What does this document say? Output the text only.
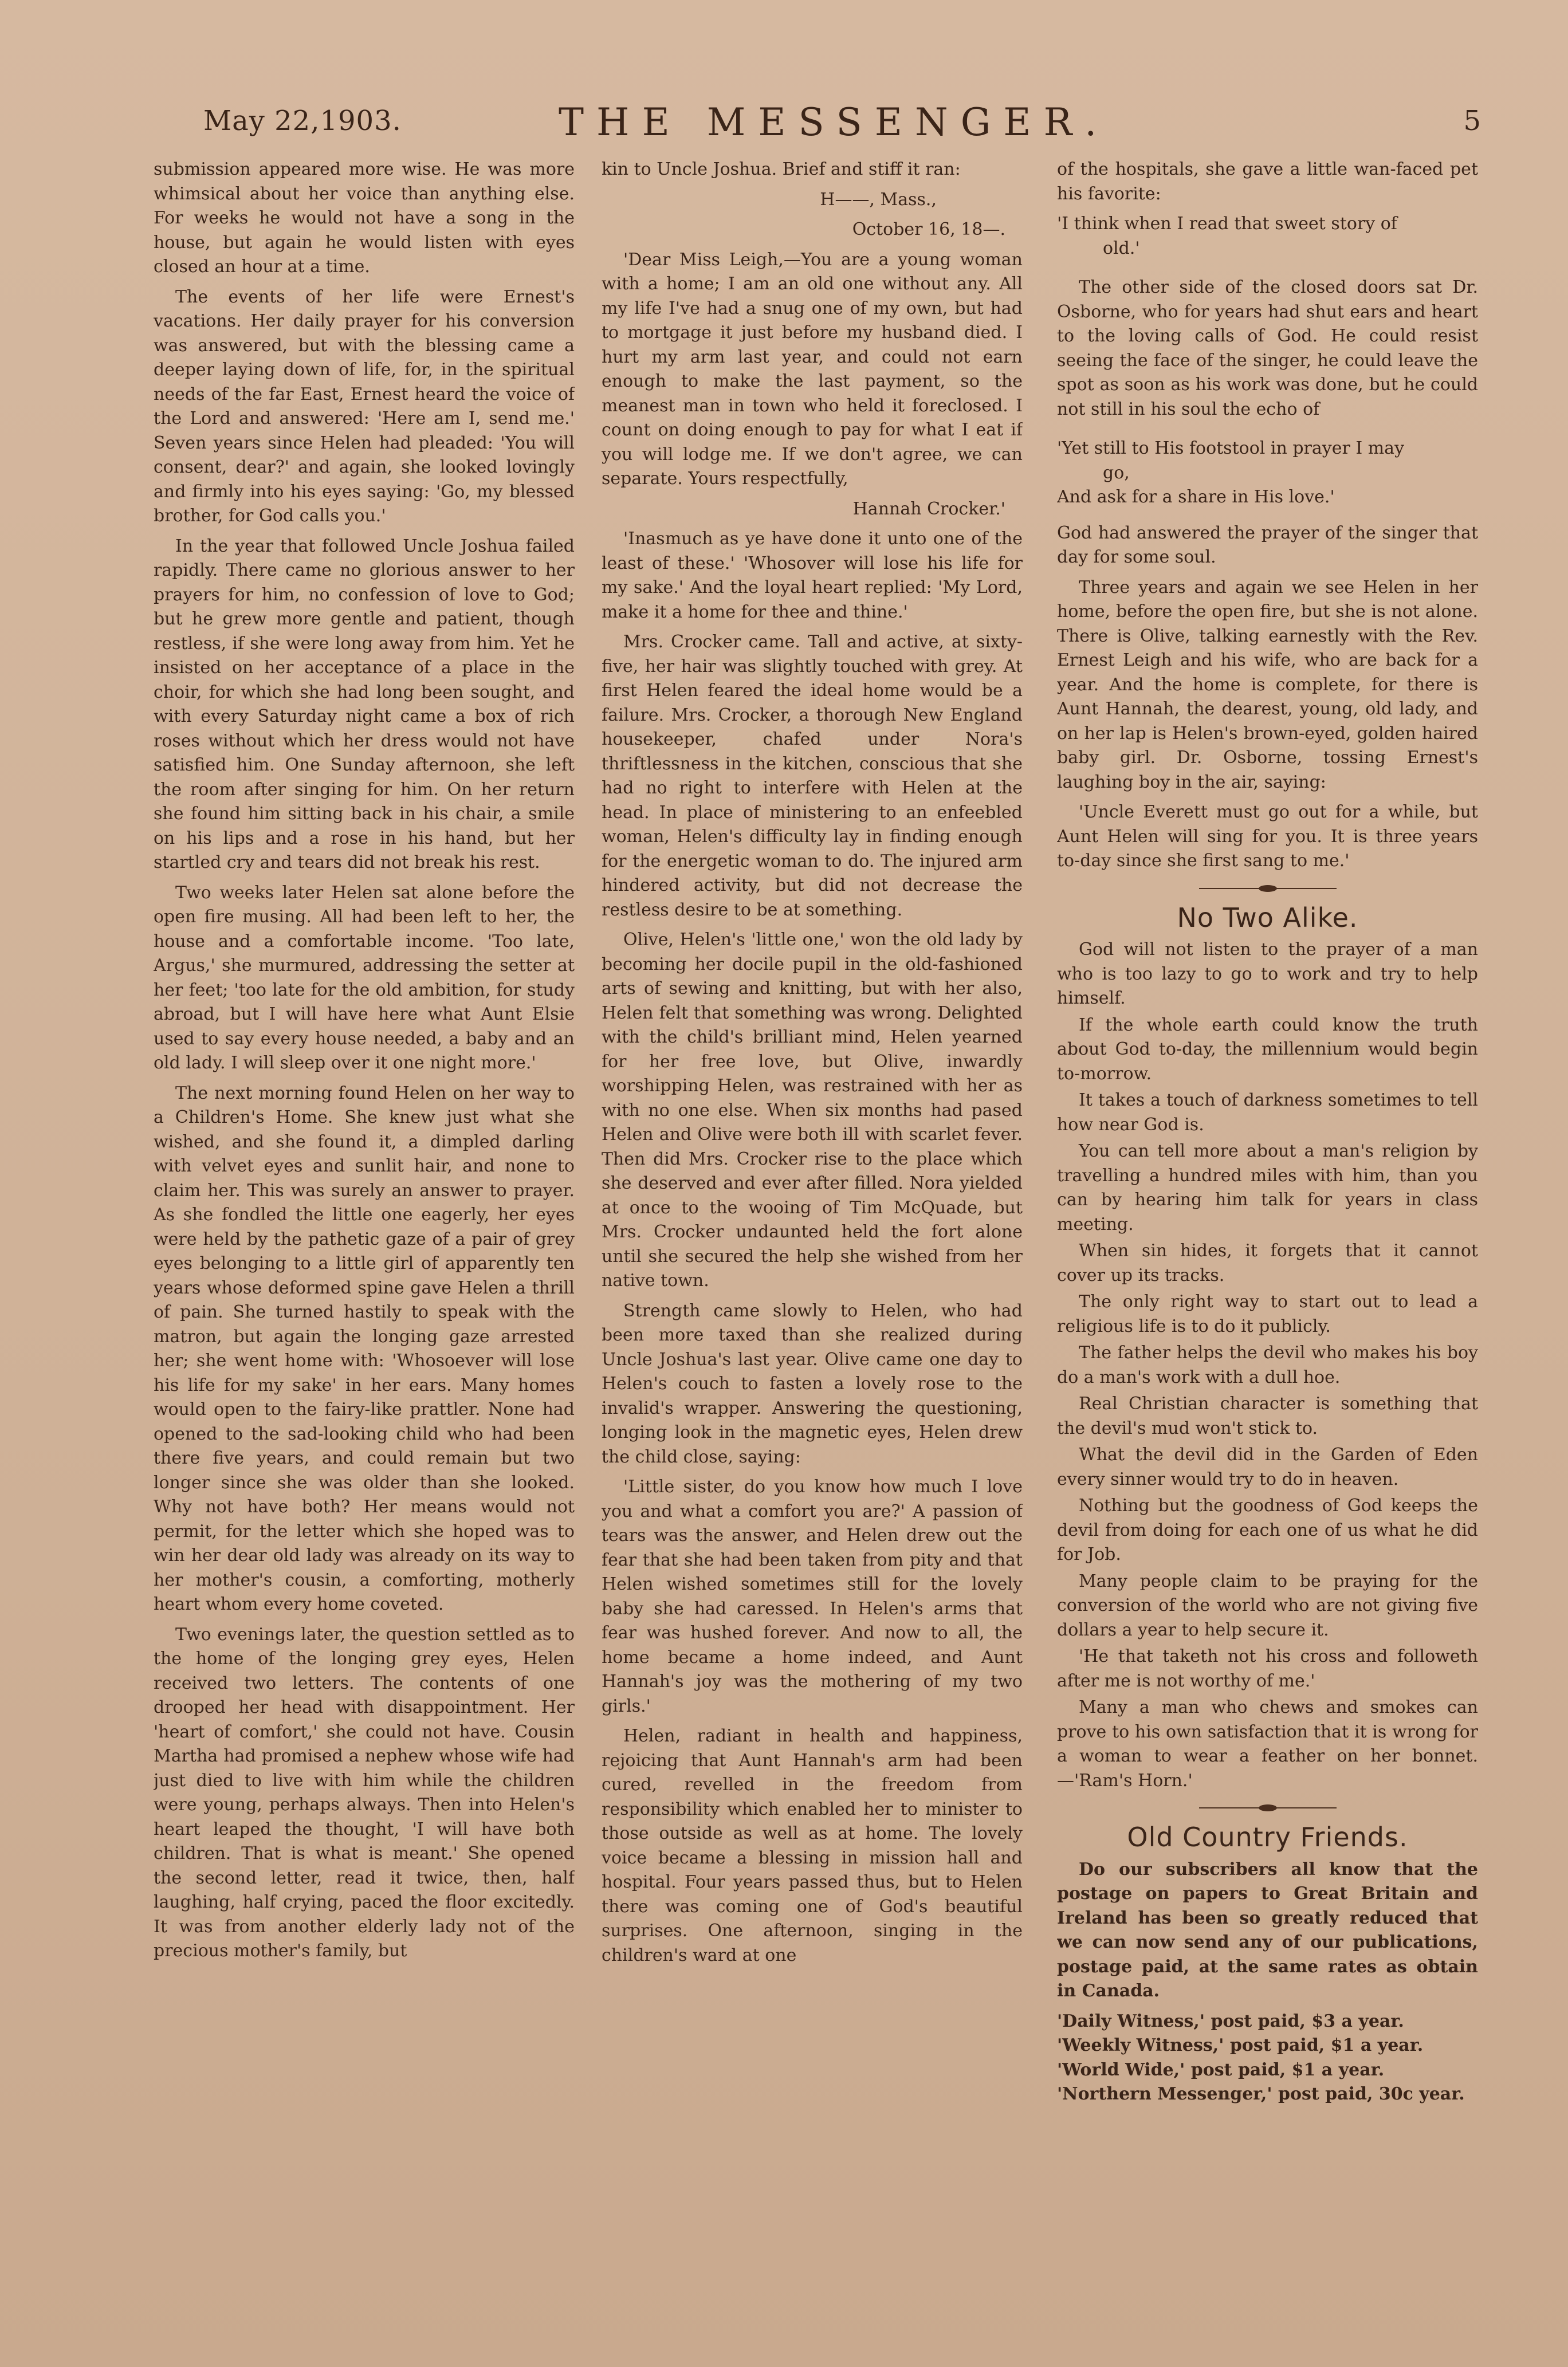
May 22,1903.	THE MESSENGER.	5

submission appeared more wise. He was more whimsical about her voice than anything else. For weeks he would not have a song in the house, but again he would listen with eyes closed an hour at a time.

The events of her life were Ernest's vacations. Her daily prayer for his conversion was answered, but with the blessing came a deeper laying down of life, for, in the spiritual needs of the far East, Ernest heard the voice of the Lord and answered: 'Here am I, send me.' Seven years since Helen had pleaded: 'You will consent, dear?' and again, she looked lovingly and firmly into his eyes saying: 'Go, my blessed brother, for God calls you.'

In the year that followed Uncle Joshua failed rapidly. There came no glorious answer to her prayers for him, no confession of love to God; but he grew more gentle and patient, though restless, if she were long away from him. Yet he insisted on her acceptance of a place in the choir, for which she had long been sought, and with every Saturday night came a box of rich roses without which her dress would not have satisfied him. One Sunday afternoon, she left the room after singing for him. On her return she found him sitting back in his chair, a smile on his lips and a rose in his hand, but her startled cry and tears did not break his rest.

Two weeks later Helen sat alone before the open fire musing. All had been left to her, the house and a comfortable income. 'Too late, Argus,' she murmured, addressing the setter at her feet; 'too late for the old ambition, for study abroad, but I will have here what Aunt Elsie used to say every house needed, a baby and an old lady. I will sleep over it one night more.'

The next morning found Helen on her way to a Children's Home. She knew just what she wished, and she found it, a dimpled darling with velvet eyes and sunlit hair, and none to claim her. This was surely an answer to prayer. As she fondled the little one eagerly, her eyes were held by the pathetic gaze of a pair of grey eyes belonging to a little girl of apparently ten years whose deformed spine gave Helen a thrill of pain. She turned hastily to speak with the matron, but again the longing gaze arrested her; she went home with: 'Whosoever will lose his life for my sake' in her ears. Many homes would open to the fairy-like prattler. None had opened to the sad-looking child who had been there five years, and could remain but two longer since she was older than she looked. Why not have both? Her means would not permit, for the letter which she hoped was to win her dear old lady was already on its way to her mother's cousin, a comforting, motherly heart whom every home coveted.

Two evenings later, the question settled as to the home of the longing grey eyes, Helen received two letters. The contents of one drooped her head with disappointment. Her 'heart of comfort,' she could not have. Cousin Martha had promised a nephew whose wife had just died to live with him while the children were young, perhaps always. Then into Helen's heart leaped the thought, 'I will have both children. That is what is meant.' She opened the second letter, read it twice, then, half laughing, half crying, paced the floor excitedly. It was from another elderly lady not of the precious mother's family, but

kin to Uncle Joshua. Brief and stiff it ran:

H——, Mass.,

October 16, 18—.

'Dear Miss Leigh,—You are a young woman with a home; I am an old one without any. All my life I've had a snug one of my own, but had to mortgage it just before my husband died. I hurt my arm last year, and could not earn enough to make the last payment, so the meanest man in town who held it foreclosed. I count on doing enough to pay for what I eat if you will lodge me. If we don't agree, we can separate. Yours respectfully,

Hannah Crocker.'

'Inasmuch as ye have done it unto one of the least of these.' 'Whosover will lose his life for my sake.' And the loyal heart replied: 'My Lord, make it a home for thee and thine.'

Mrs. Crocker came. Tall and active, at sixty-five, her hair was slightly touched with grey. At first Helen feared the ideal home would be a failure. Mrs. Crocker, a thorough New England housekeeper, chafed under Nora's thriftlessness in the kitchen, conscious that she had no right to interfere with Helen at the head. In place of ministering to an enfeebled woman, Helen's difficulty lay in finding enough for the energetic woman to do. The injured arm hindered activity, but did not decrease the restless desire to be at something.

Olive, Helen's 'little one,' won the old lady by becoming her docile pupil in the old-fashioned arts of sewing and knitting, but with her also, Helen felt that something was wrong. Delighted with the child's brilliant mind, Helen yearned for her free love, but Olive, inwardly worshipping Helen, was restrained with her as with no one else. When six months had pased Helen and Olive were both ill with scarlet fever. Then did Mrs. Crocker rise to the place which she deserved and ever after filled. Nora yielded at once to the wooing of Tim McQuade, but Mrs. Crocker undaunted held the fort alone until she secured the help she wished from her native town.

Strength came slowly to Helen, who had been more taxed than she realized during Uncle Joshua's last year. Olive came one day to Helen's couch to fasten a lovely rose to the invalid's wrapper. Answering the questioning, longing look in the magnetic eyes, Helen drew the child close, saying:

'Little sister, do you know how much I love you and what a comfort you are?' A passion of tears was the answer, and Helen drew out the fear that she had been taken from pity and that Helen wished sometimes still for the lovely baby she had caressed. In Helen's arms that fear was hushed forever. And now to all, the home became a home indeed, and Aunt Hannah's joy was the mothering of my two girls.'

Helen, radiant in health and happiness, rejoicing that Aunt Hannah's arm had been cured, revelled in the freedom from responsibility which enabled her to minister to those outside as well as at home. The lovely voice became a blessing in mission hall and hospital. Four years passed thus, but to Helen there was coming one of God's beautiful surprises. One afternoon, singing in the children's ward at one

of the hospitals, she gave a little wan-faced pet his favorite:

'I think when I read that sweet story of

old.'

The other side of the closed doors sat Dr. Osborne, who for years had shut ears and heart to the loving calls of God. He could resist seeing the face of the singer, he could leave the spot as soon as his work was done, but he could not still in his soul the echo of

'Yet still to His footstool in prayer I may

go,

And ask for a share in His love.'

God had answered the prayer of the singer that day for some soul.

Three years and again we see Helen in her home, before the open fire, but she is not alone. There is Olive, talking earnestly with the Rev. Ernest Leigh and his wife, who are back for a year. And the home is complete, for there is Aunt Hannah, the dearest, young, old lady, and on her lap is Helen's brown-eyed, golden haired baby girl. Dr. Osborne, tossing Ernest's laughing boy in the air, saying:

'Uncle Everett must go out for a while, but Aunt Helen will sing for you. It is three years to-day since she first sang to me.'

No Two Alike.

God will not listen to the prayer of a man who is too lazy to go to work and try to help himself.

If the whole earth could know the truth about God to-day, the millennium would begin to-morrow.

It takes a touch of darkness sometimes to tell how near God is.

You can tell more about a man's religion by travelling a hundred miles with him, than you can by hearing him talk for years in class meeting.

When sin hides, it forgets that it cannot cover up its tracks.

The only right way to start out to lead a religious life is to do it publicly.

The father helps the devil who makes his boy do a man's work with a dull hoe.

Real Christian character is something that the devil's mud won't stick to.

What the devil did in the Garden of Eden every sinner would try to do in heaven.

Nothing but the goodness of God keeps the devil from doing for each one of us what he did for Job.

Many people claim to be praying for the conversion of the world who are not giving five dollars a year to help secure it.

'He that taketh not his cross and followeth after me is not worthy of me.'

Many a man who chews and smokes can prove to his own satisfaction that it is wrong for a woman to wear a feather on her bonnet.—'Ram's Horn.'

Old Country Friends.

Do our subscribers all know that the postage on papers to Great Britain and Ireland has been so greatly reduced that we can now send any of our publications, postage paid, at the same rates as obtain in Canada.

'Daily Witness,' post paid, $3 a year.

'Weekly Witness,' post paid, $1 a year.

'World Wide,' post paid, $1 a year.

'Northern Messenger,' post paid, 30c year.
